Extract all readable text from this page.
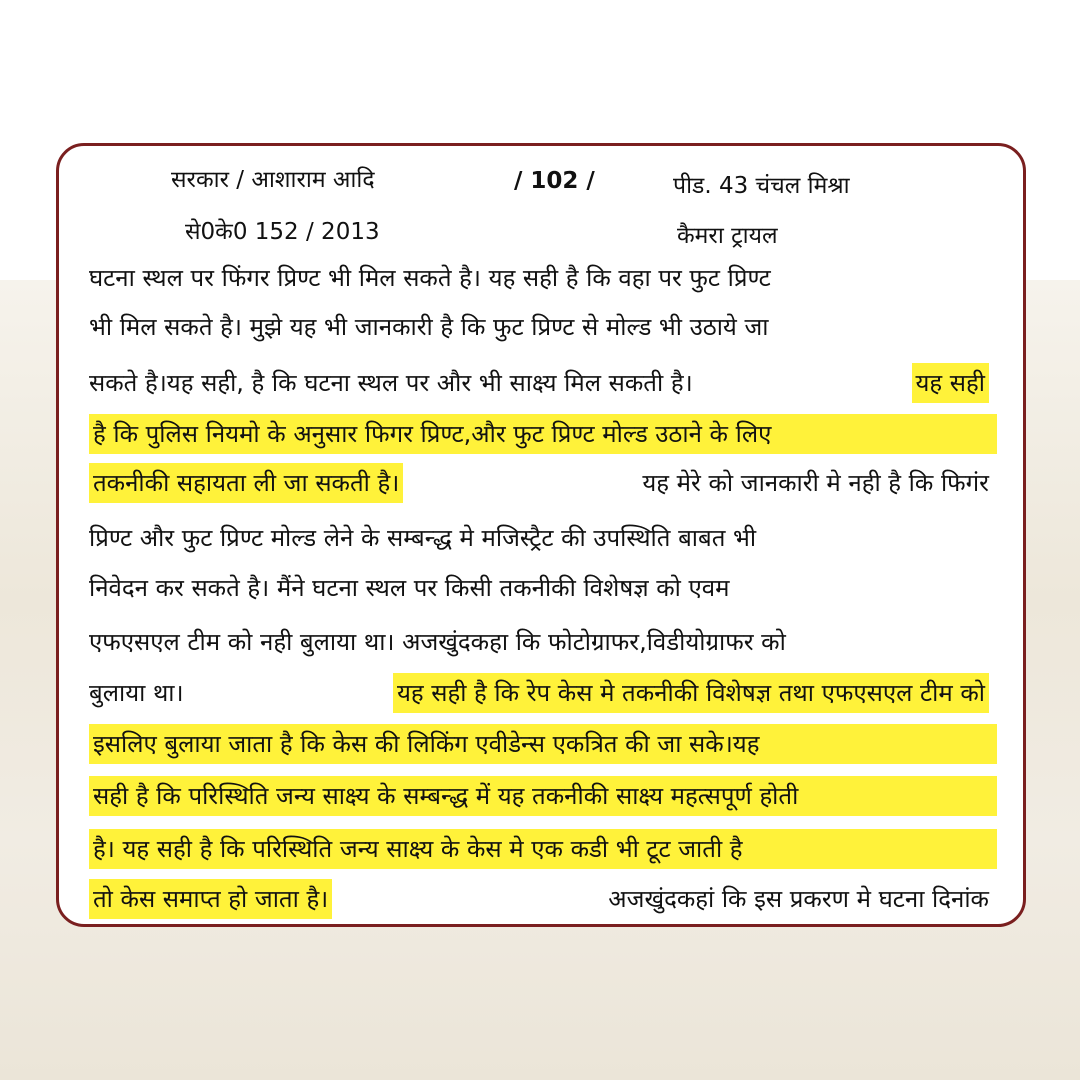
सरकार / आशाराम आदि	/ 102 /	पीड. 43 चंचल मिश्रा
से0के0 152 / 2013	कैमरा ट्रायल
घटना स्थल पर फिंगर प्रिण्ट भी मिल सकते है। यह सही है कि वहा पर फुट प्रिण्ट
भी मिल सकते है। मुझे यह भी जानकारी है कि फुट प्रिण्ट से मोल्ड भी उठाये जा
सकते है।यह सही, है कि घटना स्थल पर और भी साक्ष्य मिल सकती है।	यह सही
है कि पुलिस नियमो के अनुसार फिगर प्रिण्ट,और फुट प्रिण्ट मोल्ड उठाने के लिए
तकनीकी सहायता ली जा सकती है।	यह मेरे को जानकारी मे नही है कि फिगंर
प्रिण्ट और फुट प्रिण्ट मोल्ड लेने के सम्बन्द्ध मे मजिस्ट्रैट की उपस्थिति बाबत भी
निवेदन कर सकते है। मैंने घटना स्थल पर किसी तकनीकी विशेषज्ञ को एवम
एफएसएल टीम को नही बुलाया था। अजखुंदकहा कि फोटोग्राफर,विडीयोग्राफर को
बुलाया था।	यह सही है कि रेप केस मे तकनीकी विशेषज्ञ तथा एफएसएल टीम को
इसलिए बुलाया जाता है कि केस की लिकिंग एवीडेन्स एकत्रित की जा सके।यह
सही है कि परिस्थिति जन्य साक्ष्य के सम्बन्द्ध में यह तकनीकी साक्ष्य महत्सपूर्ण होती
है। यह सही है कि परिस्थिति जन्य साक्ष्य के केस मे एक कडी भी टूट जाती है
तो केस समाप्त हो जाता है।	अजखुंदकहां कि इस प्रकरण मे घटना दिनांक
